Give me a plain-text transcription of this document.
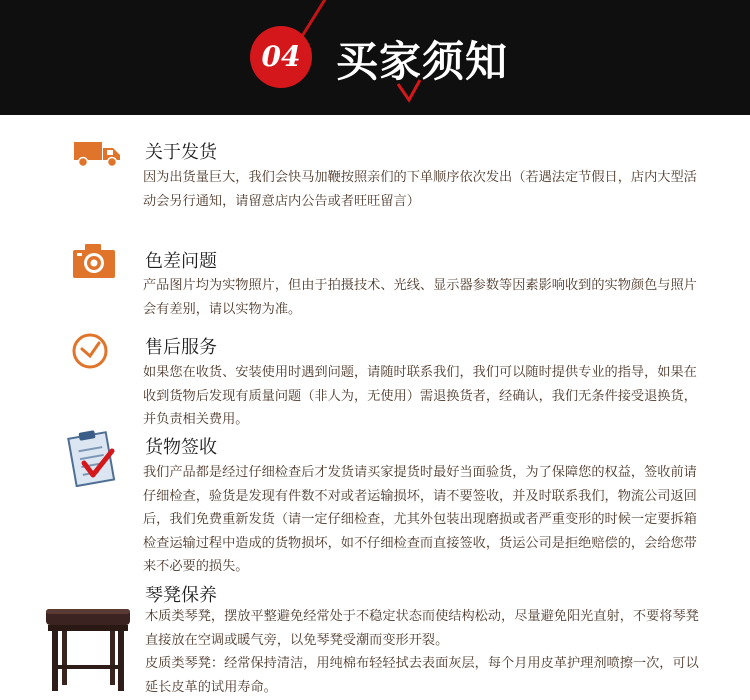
04 买家须知
关于发货
因为出货量巨大，我们会快马加鞭按照亲们的下单顺序依次发出（若遇法定节假日，店内大型活动会另行通知，请留意店内公告或者旺旺留言）
色差问题
产品图片均为实物照片，但由于拍摄技术、光线、显示器参数等因素影响收到的实物颜色与照片会有差别，请以实物为准。
售后服务
如果您在收货、安装使用时遇到问题，请随时联系我们，我们可以随时提供专业的指导，如果在收到货物后发现有质量问题（非人为，无使用）需退换货者，经确认，我们无条件接受退换货，并负责相关费用。
货物签收
我们产品都是经过仔细检查后才发货请买家提货时最好当面验货，为了保障您的权益，签收前请仔细检查，验货是发现有件数不对或者运输损坏，请不要签收，并及时联系我们，物流公司返回后，我们免费重新发货（请一定仔细检查，尤其外包装出现磨损或者严重变形的时候一定要拆箱检查运输过程中造成的货物损坏，如不仔细检查而直接签收，货运公司是拒绝赔偿的，会给您带来不必要的损失。
琴凳保养
木质类琴凳，摆放平整避免经常处于不稳定状态而使结构松动，尽量避免阳光直射，不要将琴凳直接放在空调或暖气旁，以免琴凳受潮而变形开裂。
皮质类琴凳：经常保持清洁，用纯棉布轻轻拭去表面灰层，每个月用皮革护理剂喷擦一次，可以延长皮革的试用寿命。
